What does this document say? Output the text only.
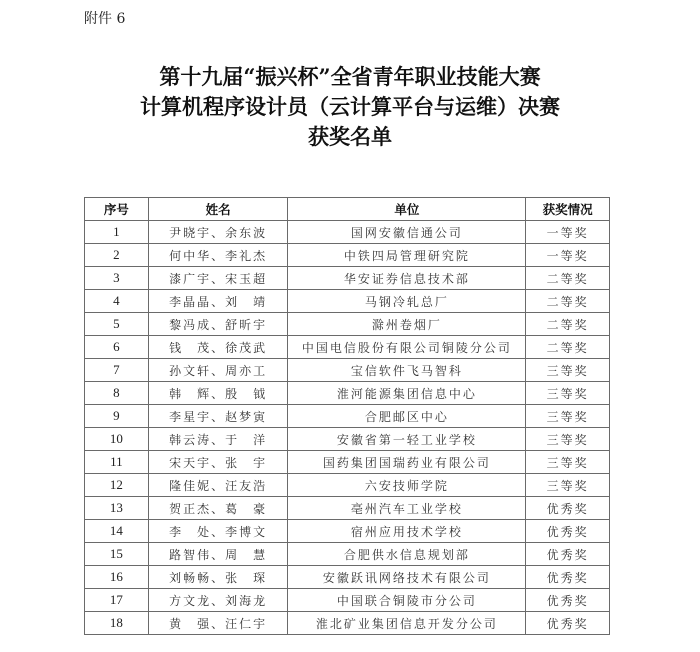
附件 6
第十九届“振兴杯”全省青年职业技能大赛
计算机程序设计员（云计算平台与运维）决赛
获奖名单
序号	姓名	单位	获奖情况
1	尹晓宇、余东波	国网安徽信通公司	一等奖
2	何中华、李礼杰	中铁四局管理研究院	一等奖
3	漆广宇、宋玉超	华安证券信息技术部	二等奖
4	李晶晶、刘　靖	马钢冷轧总厂	二等奖
5	黎冯成、舒昕宇	滁州卷烟厂	二等奖
6	钱　茂、徐茂武	中国电信股份有限公司铜陵分公司	二等奖
7	孙文轩、周亦工	宝信软件飞马智科	三等奖
8	韩　辉、殷　钺	淮河能源集团信息中心	三等奖
9	李星宇、赵梦寅	合肥邮区中心	三等奖
10	韩云涛、于　洋	安徽省第一轻工业学校	三等奖
11	宋天宇、张　宇	国药集团国瑞药业有限公司	三等奖
12	隆佳妮、汪友浩	六安技师学院	三等奖
13	贺正杰、葛　豪	亳州汽车工业学校	优秀奖
14	李　处、李博文	宿州应用技术学校	优秀奖
15	路智伟、周　慧	合肥供水信息规划部	优秀奖
16	刘畅畅、张　琛	安徽跃讯网络技术有限公司	优秀奖
17	方文龙、刘海龙	中国联合铜陵市分公司	优秀奖
18	黄　强、汪仁宇	淮北矿业集团信息开发分公司	优秀奖
